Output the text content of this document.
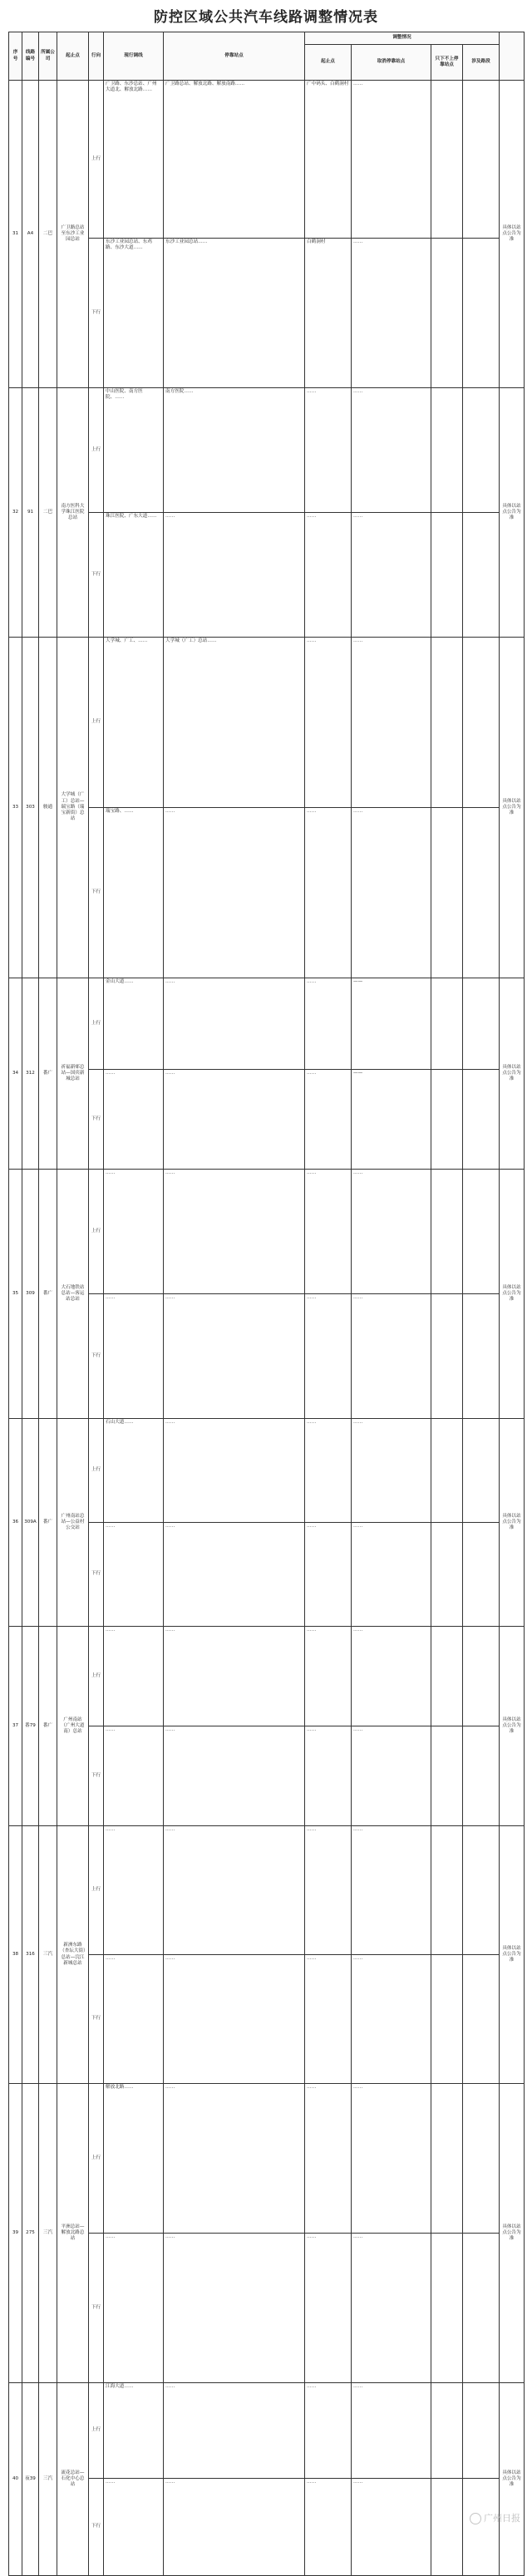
防控区域公共汽车线路调整情况表
序号	线路编号	所属公司	起止点	行向	现行调线	停靠站点	调整情况				
							起止点	取消停靠站点	只下不上停靠站点	涉及路段	
31	A4	二巴	广卫路总站至东沙工业园总站	上行	广卫路、东沙总站、广州大道北、解放北路……	广卫路总站、解放北路、解放南路……	广中码头、白鹤洞村	……			具体以站点公告为准
				下行	东沙工业园总站、东鸡路、东沙大道……	东沙工业园总站……	白鹤洞村	……			
32	91	二巴	南方医科大学珠江医院总站	上行	中山医院、南方医院、……	南方医院……	……	……			具体以站点公告为准
				下行	珠江医院、广东大道……	……	……	……			
33	303	骏通	大学城（广工）总站—瑞宝路（瑞宝新街）总站	上行	大学城、广工、……	大学城（广工）总站……	……	……			具体以站点公告为准
				下行	瑞宝路、……	……	……	……			
34	312	番广	祈福新邨总站—国宾新城总站	上行	金山大道……	……	……	——			具体以站点公告为准
				下行	……	……	……	——			
35	309	番广	大石地铁站总站—客运站总站	上行	……	……	……	……			具体以站点公告为准
				下行	……	……	……	……			
36	309A	番广	广州南站总站—公益村公交站	上行	石山大道……	……	……	……			具体以站点公告为准
				下行	……	……	……	……			
37	番79	番广	广州南站（广州大道南）总站	上行	……	……	……	……			具体以站点公告为准
				下行	……	……	……	……			
38	316	三汽	新洲东路（杏坛大街）总站—浣江新城总站	上行	……	……	……	……			具体以站点公告为准
				下行	……	……	……	……			
39	275	三汽	平洲总站—解放北路总站	上行	解放北路……	……	……	……			具体以站点公告为准
				下行	……	……	……	……			
40	夜39	三汽	流花总站—石化中心总站	上行	江海大道……	……	……	……			具体以站点公告为准
				下行	……	……	……	……			
广州日报
